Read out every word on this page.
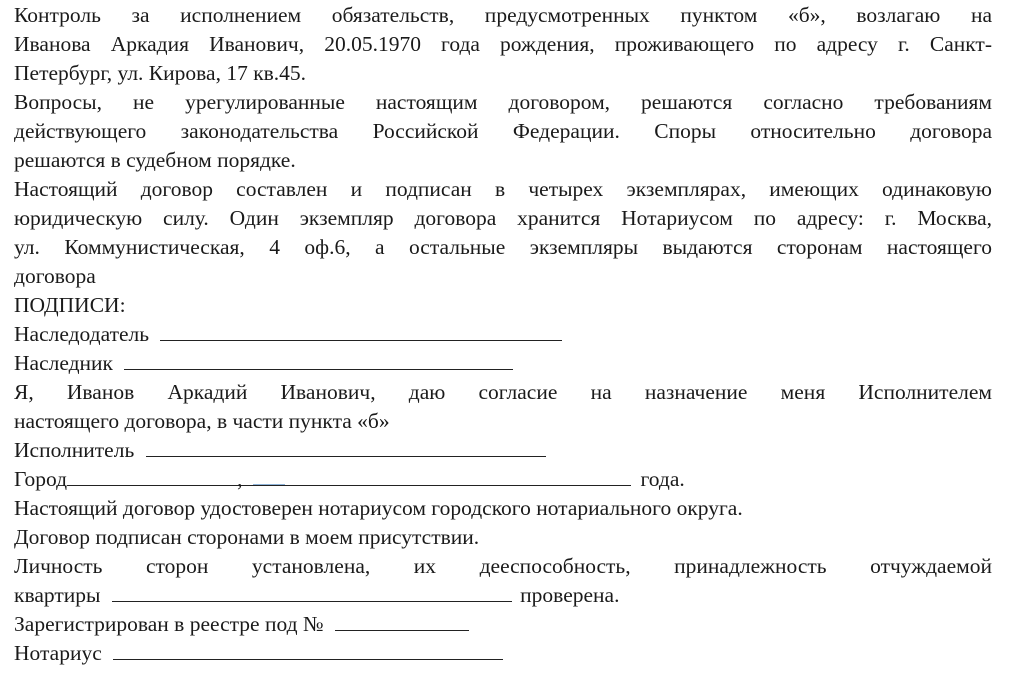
Контроль за исполнением обязательств, предусмотренных пунктом «б», возлагаю на
Иванова Аркадия Иванович, 20.05.1970 года рождения, проживающего по адресу г. Санкт-
Петербург, ул. Кирова, 17 кв.45.
Вопросы, не урегулированные настоящим договором, решаются согласно требованиям
действующего законодательства Российской Федерации. Споры относительно договора
решаются в судебном порядке.
Настоящий договор составлен и подписан в четырех экземплярах, имеющих одинаковую
юридическую силу. Один экземпляр договора хранится Нотариусом по адресу: г. Москва,
ул. Коммунистическая, 4 оф.6, а остальные экземпляры выдаются сторонам настоящего
договора
ПОДПИСИ:
Наследодатель
Наследник
Я, Иванов Аркадий Иванович, даю согласие на назначение меня Исполнителем
настоящего договора, в части пункта «б»
Исполнитель
Город	,	года.
Настоящий договор удостоверен нотариусом городского нотариального округа.
Договор подписан сторонами в моем присутствии.
Личность сторон установлена, их дееспособность, принадлежность отчуждаемой
квартиры	проверена.
Зарегистрирован в реестре под №
Нотариус
